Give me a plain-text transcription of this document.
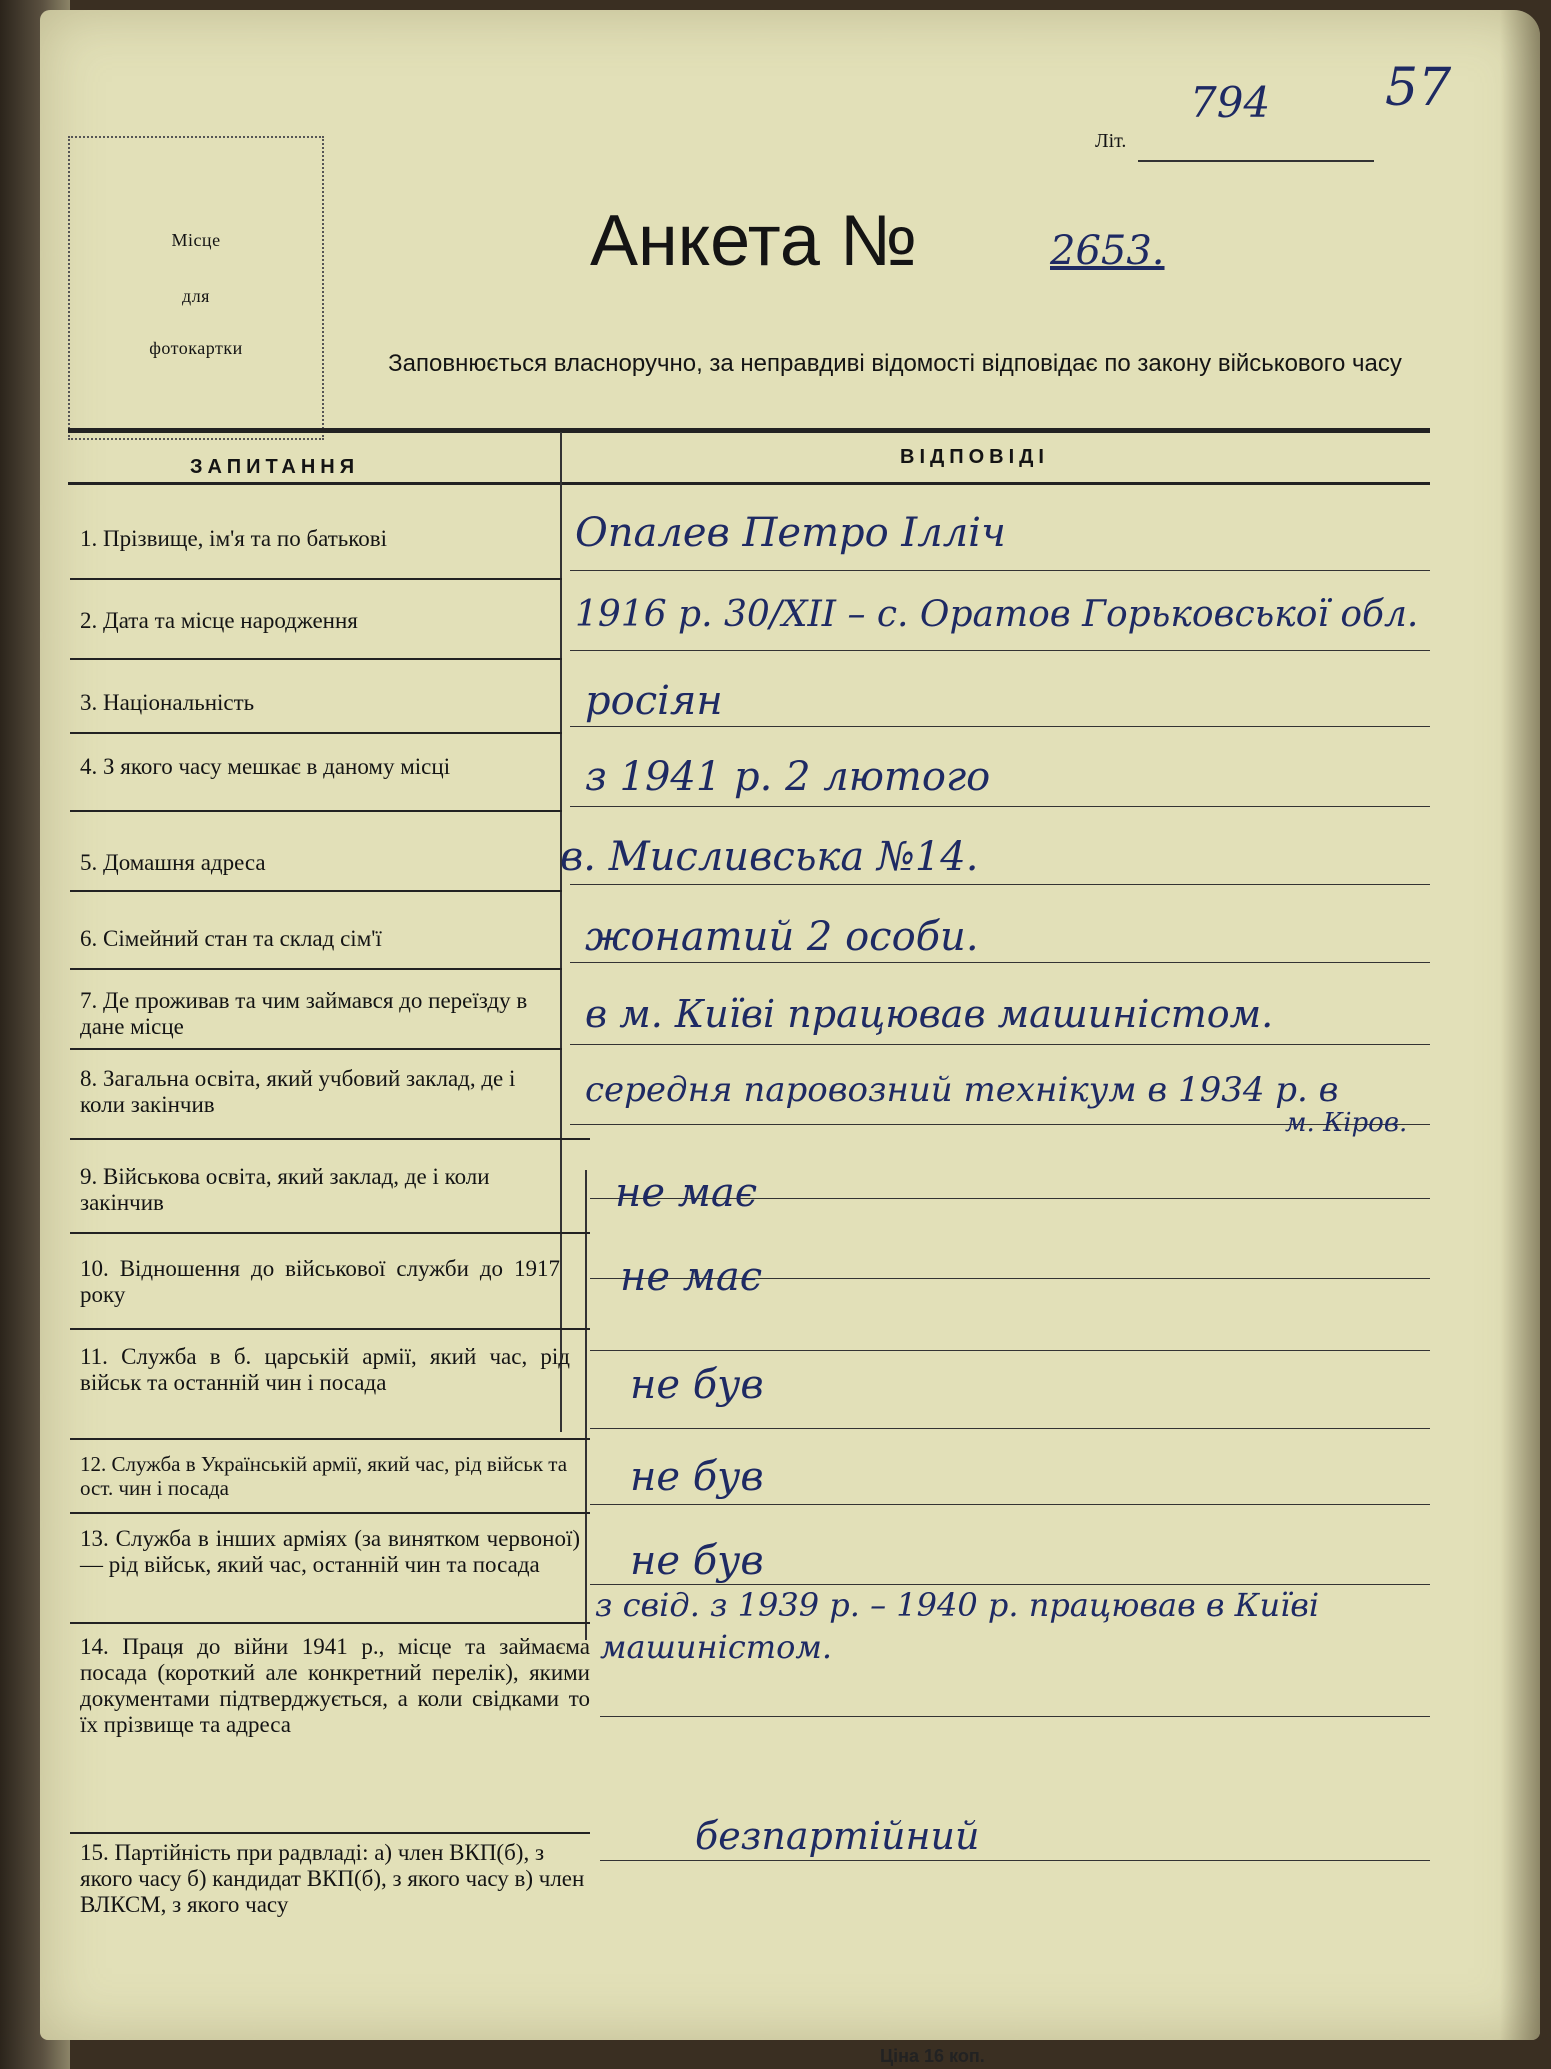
Місце
для
фотокартки
Літ.
794 57
Анкета №	2653.
Заповнюється власноручно, за неправдиві відомості відповідає по закону військового часу
ЗАПИТАННЯ	ВІДПОВІДІ
1. Прізвище, ім'я та по батькові
2. Дата та місце народження
3. Національність
4. З якого часу мешкає в даному місці
5. Домашня адреса
6. Сімейний стан та склад сім'ї
7. Де проживав та чим займався до переїзду в дане місце
8. Загальна освіта, який учбовий заклад, де і коли закінчив
9. Військова освіта, який заклад, де і коли закінчив
10. Відношення до військової служби до 1917 року
11. Служба в б. царській армії, який час, рід військ та останній чин і посада
12. Служба в Українській армії, який час, рід військ та ост. чин і посада
13. Служба в інших арміях (за винятком червоної) — рід військ, який час, останній чин та посада
14. Праця до війни 1941 р., місце та займаєма посада (короткий але конкретний перелік), якими документами підтверджується, а коли свідками то їх прізвище та адреса
15. Партійність при радвладі: а) член ВКП(б), з якого часу б) кандидат ВКП(б), з якого часу в) член ВЛКСМ, з якого часу
Опалев Петро Ілліч
1916 р. 30/XII – с. Оратов Горьковської обл.
росіян
з 1941 р. 2 лютого
в. Мисливська №14.
жонатий 2 особи.
в м. Київі працював машиністом.
середня паровозний технікум в 1934 р. в
м. Кіров.
не має
не має
не був
не був
не був
з свід. з 1939 р. – 1940 р. працював в Київі
машиністом.
безпартійний
Ціна 16 коп.
